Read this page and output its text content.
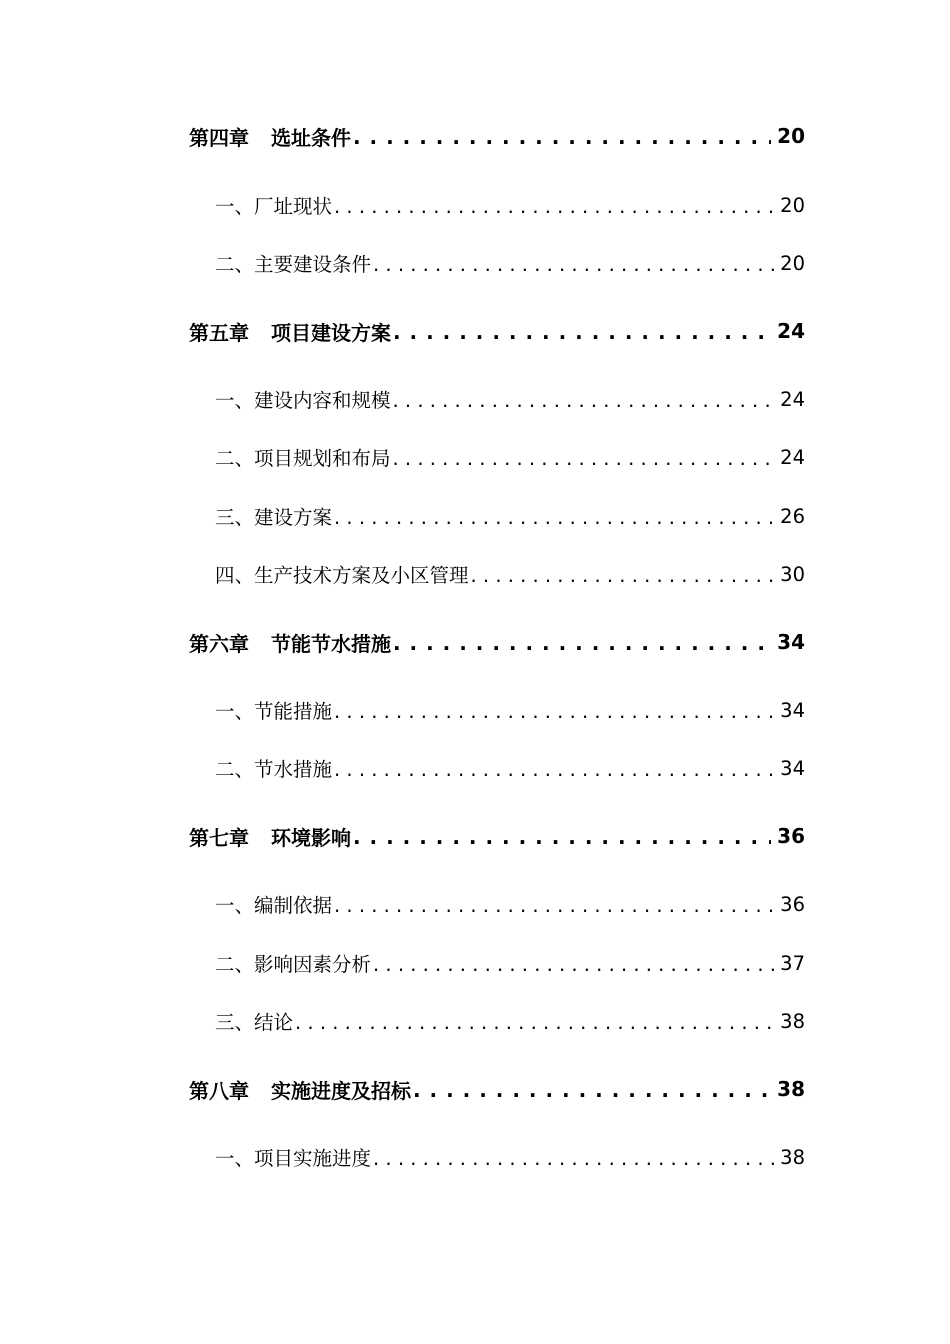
第四章 选址条件 . . .	20
一、厂址现状 . . .	20
二、主要建设条件 . . .	20
第五章 项目建设方案 . . .	24
一、建设内容和规模 . . .	24
二、项目规划和布局 . . .	24
三、建设方案 . . .	26
四、生产技术方案及小区管理 . . .	30
第六章 节能节水措施 . . .	34
一、节能措施 . . .	34
二、节水措施 . . .	34
第七章 环境影响 . . .	36
一、编制依据 . . .	36
二、影响因素分析 . . .	37
三、结论 . . .	38
第八章 实施进度及招标 . . .	38
一、项目实施进度 . . .	38
